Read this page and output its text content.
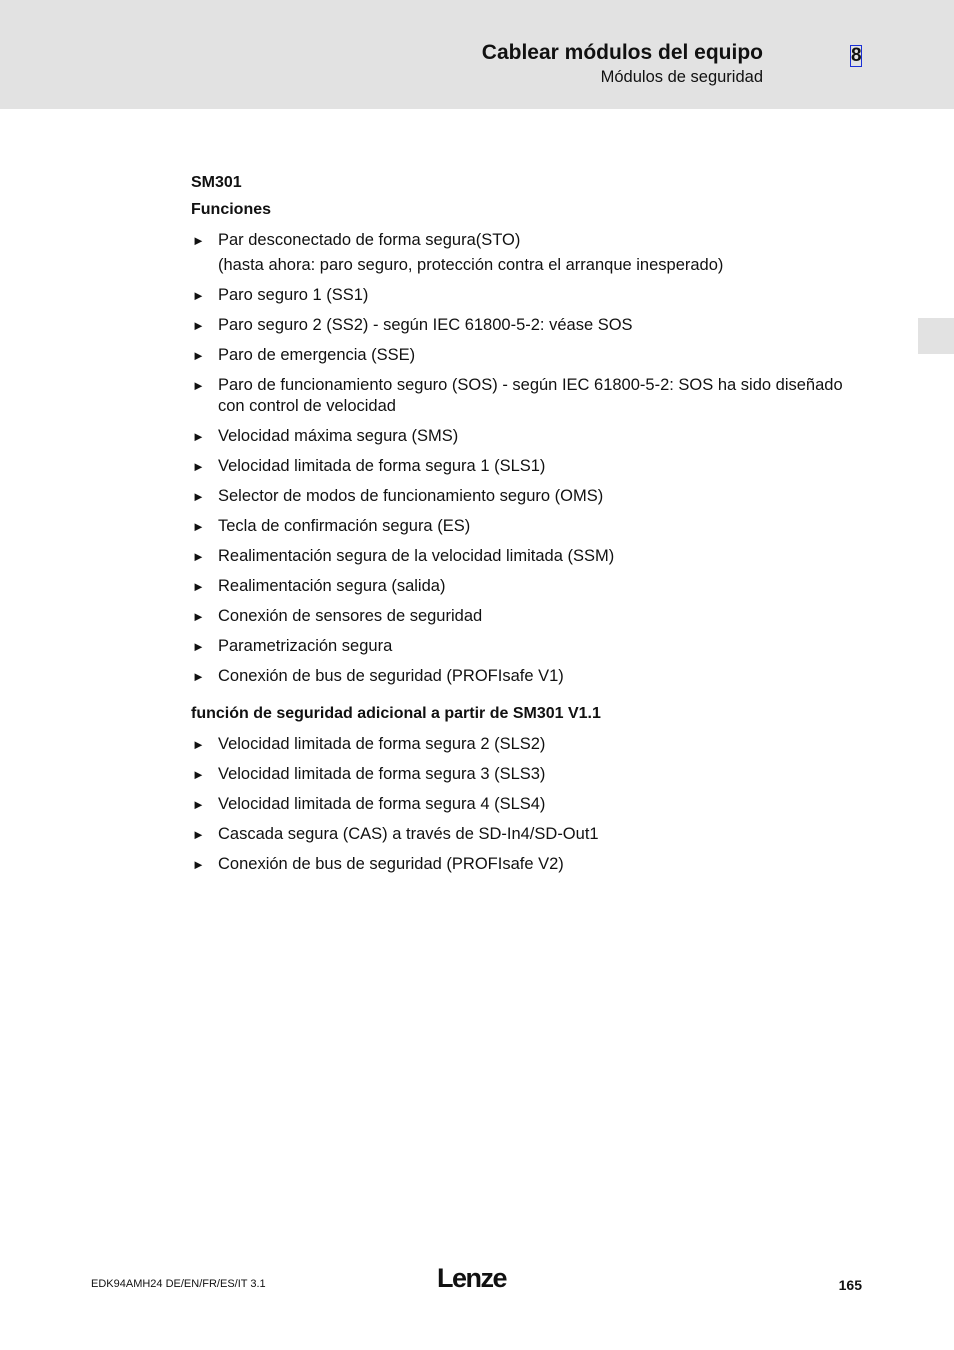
Cablear módulos del equipo
Módulos de seguridad
8

SM301

Funciones

► Par desconectado de forma segura(STO)
(hasta ahora: paro seguro, protección contra el arranque inesperado)
► Paro seguro 1 (SS1)
► Paro seguro 2 (SS2) - según IEC 61800-5-2: véase SOS
► Paro de emergencia (SSE)
► Paro de funcionamiento seguro (SOS) - según IEC 61800-5-2: SOS ha sido diseñado
con control de velocidad
► Velocidad máxima segura (SMS)
► Velocidad limitada de forma segura 1 (SLS1)
► Selector de modos de funcionamiento seguro (OMS)
► Tecla de confirmación segura (ES)
► Realimentación segura de la velocidad limitada (SSM)
► Realimentación segura (salida)
► Conexión de sensores de seguridad
► Parametrización segura
► Conexión de bus de seguridad (PROFIsafe V1)

función de seguridad adicional a partir de SM301 V1.1

► Velocidad limitada de forma segura 2 (SLS2)
► Velocidad limitada de forma segura 3 (SLS3)
► Velocidad limitada de forma segura 4 (SLS4)
► Cascada segura (CAS) a través de SD-In4/SD-Out1
► Conexión de bus de seguridad (PROFIsafe V2)
EDK94AMH24 DE/EN/FR/ES/IT 3.1	Lenze	165
